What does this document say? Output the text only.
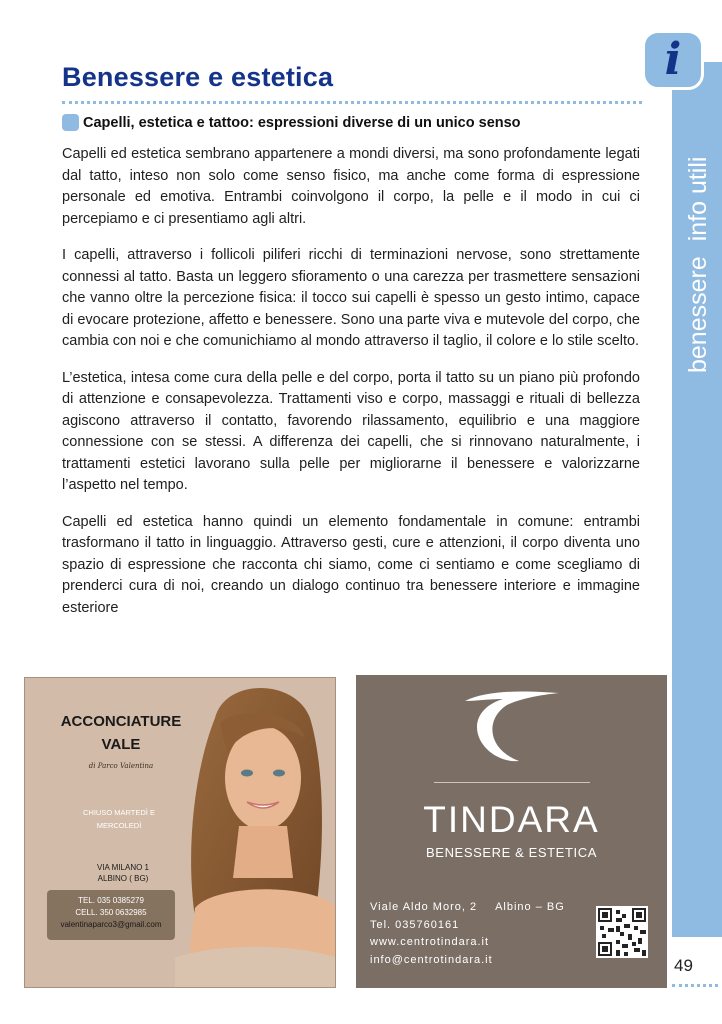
benessere info utili
i
Benessere e estetica
Capelli, estetica e tattoo: espressioni diverse di un unico senso

Capelli ed estetica sembrano appartenere a mondi diversi, ma sono profondamente legati dal tatto, inteso non solo come senso fisico, ma anche come forma di espressione personale ed emotiva. Entrambi coinvolgono il corpo, la pelle e il modo in cui ci percepiamo e ci presentiamo agli altri.

I capelli, attraverso i follicoli piliferi ricchi di terminazioni nervose, sono strettamente connessi al tatto. Basta un leggero sfioramento o una carezza per trasmettere sensazioni che vanno oltre la percezione fisica: il tocco sui capelli è spesso un gesto intimo, capace di evocare protezione, affetto e benessere. Sono una parte viva e mutevole del corpo, che cambia con noi e che comunichiamo al mondo attraverso il taglio, il colore e lo stile scelto.

L’estetica, intesa come cura della pelle e del corpo, porta il tatto su un piano più profondo di attenzione e consapevolezza. Trattamenti viso e corpo, massaggi e rituali di bellezza agiscono attraverso il contatto, favorendo rilassamento, equilibrio e una maggiore connessione con se stessi. A differenza dei capelli, che si rinnovano naturalmente, i trattamenti estetici lavorano sulla pelle per migliorarne il benessere e valorizzarne l’aspetto nel tempo.

Capelli ed estetica hanno quindi un elemento fondamentale in comune: entrambi trasformano il tatto in linguaggio. Attraverso gesti, cure e attenzioni, il corpo diventa uno spazio di espressione che racconta chi siamo, come ci sentiamo e come scegliamo di prenderci cura di noi, creando un dialogo continuo tra benessere interiore e immagine esteriore

ACCONCIATURE
VALE
di Parco Valentina
CHIUSO MARTEDÌ E
MERCOLEDÌ
VIA MILANO 1
ALBINO ( BG)
TEL. 035 0385279
CELL. 350 0632985
valentinaparco3@gmail.com
TINDARA
BENESSERE & ESTETICA
Viale Aldo Moro, 2 Albino – BG
Tel. 035760161
www.centrotindara.it
info@centrotindara.it	49
